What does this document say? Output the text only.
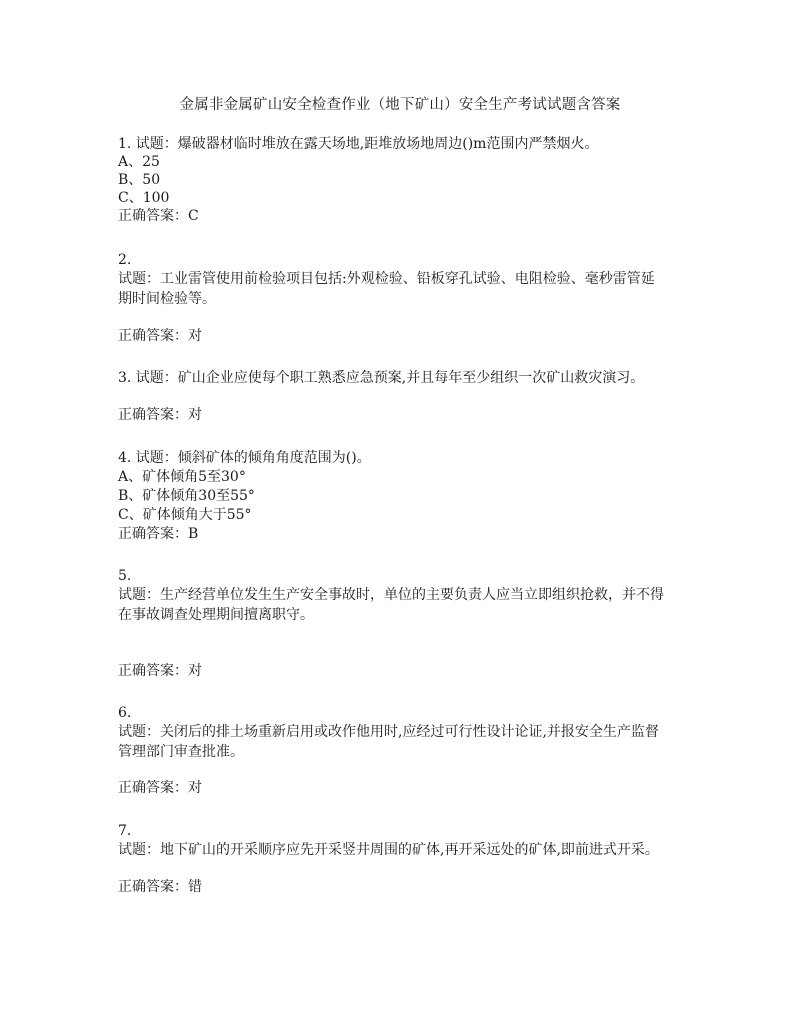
金属非金属矿山安全检查作业（地下矿山）安全生产考试试题含答案
1. 试题：爆破器材临时堆放在露天场地,距堆放场地周边()m范围内严禁烟火。
A、25
B、50
C、100
正确答案：C
2.
试题：工业雷管使用前检验项目包括:外观检验、铅板穿孔试验、电阻检验、毫秒雷管延
期时间检验等。
正确答案：对
3. 试题：矿山企业应使每个职工熟悉应急预案,并且每年至少组织一次矿山救灾演习。
正确答案：对
4. 试题：倾斜矿体的倾角角度范围为()。
A、矿体倾角5至30°
B、矿体倾角30至55°
C、矿体倾角大于55°
正确答案：B
5.
试题：生产经营单位发生生产安全事故时，单位的主要负责人应当立即组织抢救，并不得
在事故调查处理期间擅离职守。
正确答案：对
6.
试题：关闭后的排土场重新启用或改作他用时,应经过可行性设计论证,并报安全生产监督
管理部门审查批准。
正确答案：对
7.
试题：地下矿山的开采顺序应先开采竖井周围的矿体,再开采远处的矿体,即前进式开采。
正确答案：错
